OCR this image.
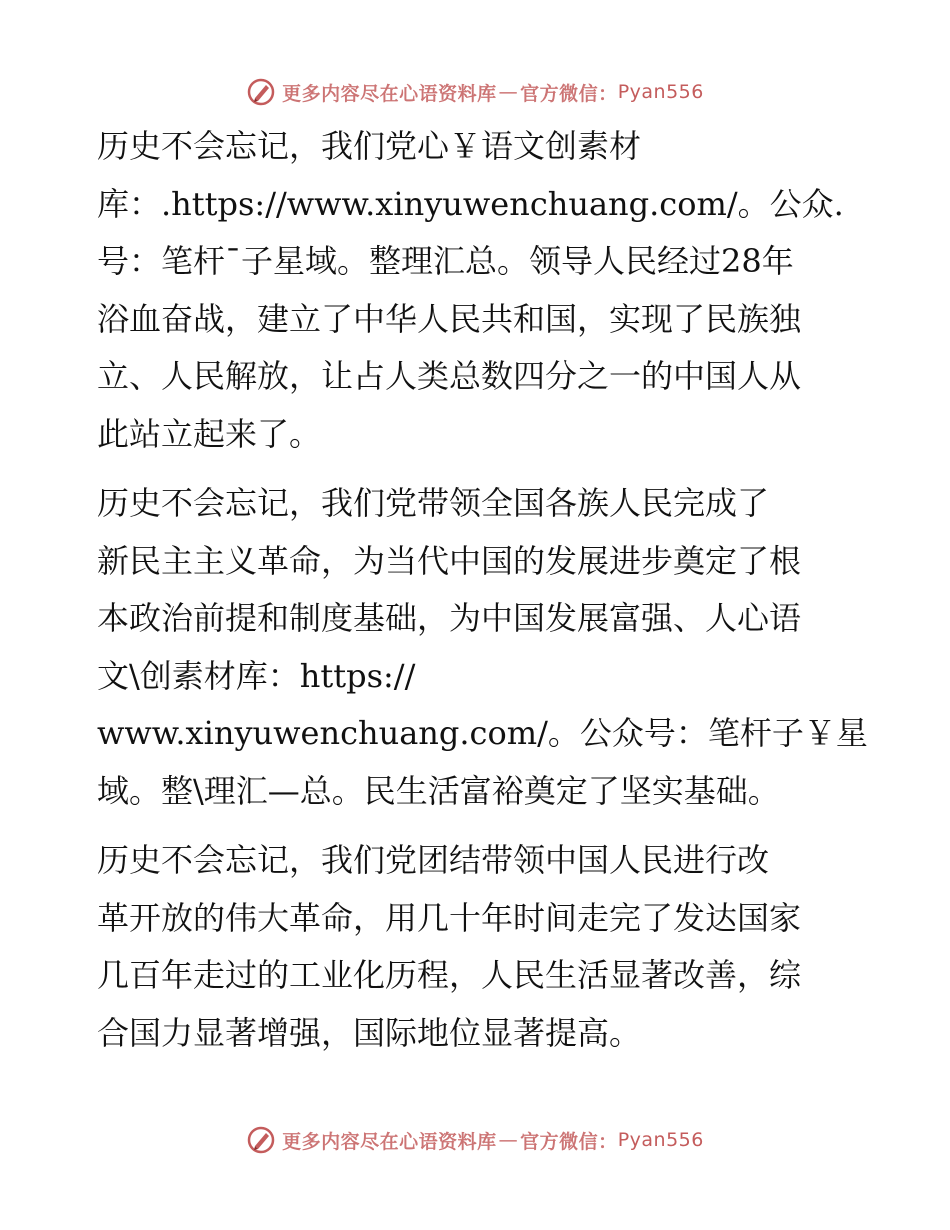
更多内容尽在心语资料库 — 官方微信： Pyan556
历史不会忘记，我们党心￥语文创素材
库：.https://www.xinyuwenchuang.com/。公众.
号：笔杆¯子星域。整理汇总。领导人民经过28年
浴血奋战，建立了中华人民共和国，实现了民族独
立、人民解放，让占人类总数四分之一的中国人从
此站立起来了。
历史不会忘记，我们党带领全国各族人民完成了
新民主主义革命，为当代中国的发展进步奠定了根
本政治前提和制度基础，为中国发展富强、人心语
文\创素材库：https://
www.xinyuwenchuang.com/。公众号：笔杆子￥星
域。整\理汇—总。民生活富裕奠定了坚实基础。
历史不会忘记，我们党团结带领中国人民进行改
革开放的伟大革命，用几十年时间走完了发达国家
几百年走过的工业化历程，人民生活显著改善，综
合国力显著增强，国际地位显著提高。
更多内容尽在心语资料库 — 官方微信： Pyan556
